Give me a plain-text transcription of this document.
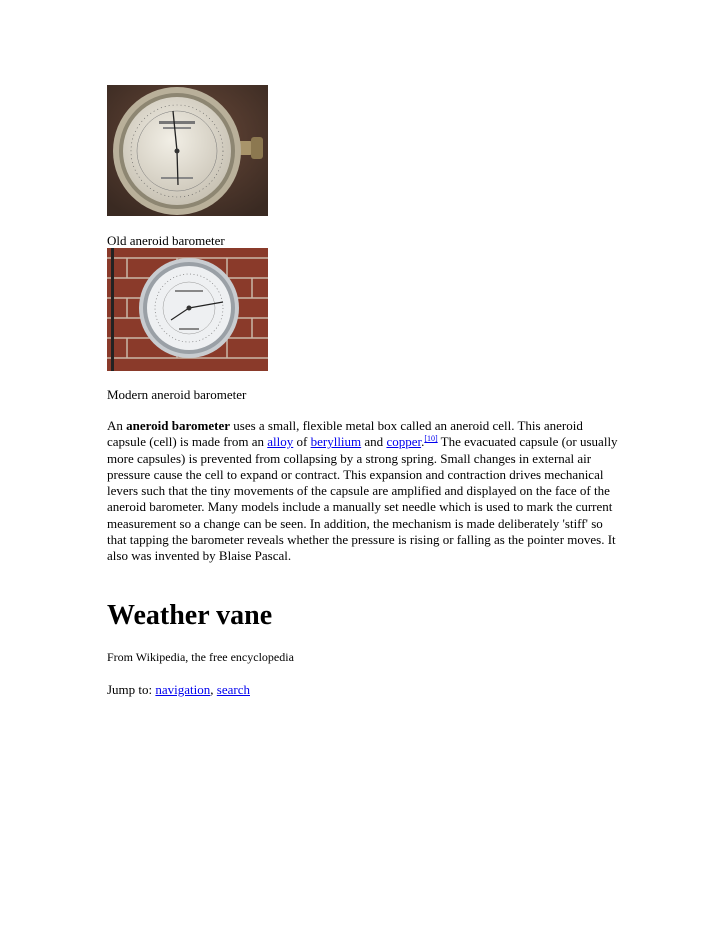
Old aneroid barometer
Modern aneroid barometer
An aneroid barometer uses a small, flexible metal box called an aneroid cell. This aneroid capsule (cell) is made from an alloy of beryllium and copper.[10] The evacuated capsule (or usually more capsules) is prevented from collapsing by a strong spring. Small changes in external air pressure cause the cell to expand or contract. This expansion and contraction drives mechanical levers such that the tiny movements of the capsule are amplified and displayed on the face of the aneroid barometer. Many models include a manually set needle which is used to mark the current measurement so a change can be seen. In addition, the mechanism is made deliberately 'stiff' so that tapping the barometer reveals whether the pressure is rising or falling as the pointer moves. It also was invented by Blaise Pascal.
Weather vane
From Wikipedia, the free encyclopedia
Jump to: navigation, search
